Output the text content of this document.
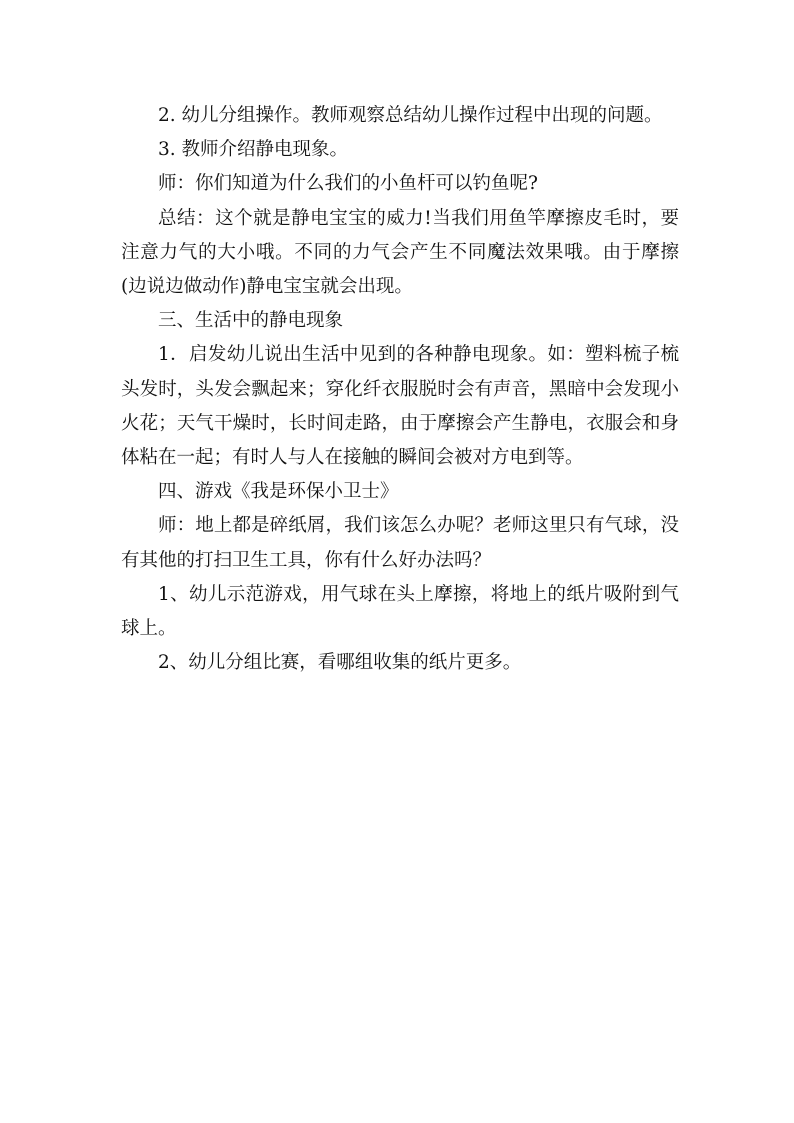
2. 幼儿分组操作。教师观察总结幼儿操作过程中出现的问题。

3. 教师介绍静电现象。

师：你们知道为什么我们的小鱼杆可以钓鱼呢?

总结：这个就是静电宝宝的威力!当我们用鱼竿摩擦皮毛时，要注意力气的大小哦。不同的力气会产生不同魔法效果哦。由于摩擦(边说边做动作)静电宝宝就会出现。

三、生活中的静电现象

1．启发幼儿说出生活中见到的各种静电现象。如：塑料梳子梳头发时，头发会飘起来；穿化纤衣服脱时会有声音，黑暗中会发现小火花；天气干燥时，长时间走路，由于摩擦会产生静电，衣服会和身体粘在一起；有时人与人在接触的瞬间会被对方电到等。

四、游戏《我是环保小卫士》

师：地上都是碎纸屑，我们该怎么办呢？老师这里只有气球，没有其他的打扫卫生工具，你有什么好办法吗？

1、幼儿示范游戏，用气球在头上摩擦，将地上的纸片吸附到气球上。

2、幼儿分组比赛，看哪组收集的纸片更多。
